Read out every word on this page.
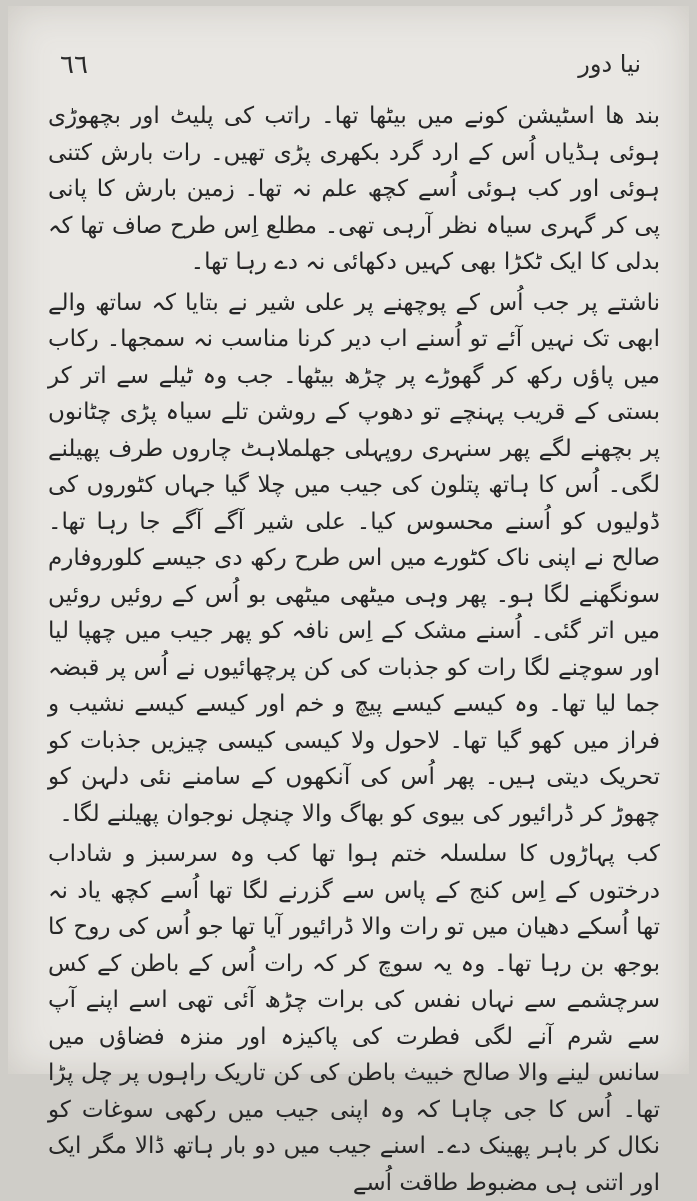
٦٦	نیا دور

بند ھا اسٹیشن کونے میں بیٹھا تھا۔ راتب کی پلیٹ اور بچھوڑی ہوئی ہڈیاں اُس کے ارد گرد بکھری پڑی تھیں۔ رات بارش کتنی ہوئی اور کب ہوئی اُسے کچھ علم نہ تھا۔ زمین بارش کا پانی پی کر گہری سیاہ نظر آرہی تھی۔ مطلع اِس طرح صاف تھا کہ بدلی کا ایک ٹکڑا بھی کہیں دکھائی نہ دے رہا تھا۔

ناشتے پر جب اُس کے پوچھنے پر علی شیر نے بتایا کہ ساتھ والے ابھی تک نہیں آئے تو اُسنے اب دیر کرنا مناسب نہ سمجھا۔ رکاب میں پاؤں رکھ کر گھوڑے پر چڑھ بیٹھا۔ جب وہ ٹیلے سے اتر کر بستی کے قریب پہنچے تو دھوپ کے روشن تلے سیاہ پڑی چٹانوں پر بچھنے لگے پھر سنہری روپہلی جھلملاہٹ چاروں طرف پھیلنے لگی۔ اُس کا ہاتھ پتلون کی جیب میں چلا گیا جہاں کٹوروں کی ڈولیوں کو اُسنے محسوس کیا۔ علی شیر آگے آگے جا رہا تھا۔ صالح نے اپنی ناک کٹورے میں اس طرح رکھ دی جیسے کلوروفارم سونگھنے لگا ہو۔ پھر وہی میٹھی میٹھی بو اُس کے روئیں روئیں میں اتر گئی۔ اُسنے مشک کے اِس نافہ کو پھر جیب میں چھپا لیا اور سوچنے لگا رات کو جذبات کی کن پرچھائیوں نے اُس پر قبضہ جما لیا تھا۔ وہ کیسے کیسے پیچ و خم اور کیسے کیسے نشیب و فراز میں کھو گیا تھا۔ لاحول ولا کیسی کیسی چیزیں جذبات کو تحریک دیتی ہیں۔ پھر اُس کی آنکھوں کے سامنے نئی دلہن کو چھوڑ کر ڈرائیور کی بیوی کو بھاگ والا چنچل نوجوان پھیلنے لگا۔

کب پہاڑوں کا سلسلہ ختم ہوا تھا کب وہ سرسبز و شاداب درختوں کے اِس کنج کے پاس سے گزرنے لگا تھا اُسے کچھ یاد نہ تھا اُسکے دھیان میں تو رات والا ڈرائیور آیا تھا جو اُس کی روح کا بوجھ بن رہا تھا۔ وہ یہ سوچ کر کہ رات اُس کے باطن کے کس سرچشمے سے نہاں نفس کی برات چڑھ آئی تھی اسے اپنے آپ سے شرم آنے لگی فطرت کی پاکیزہ اور منزہ فضاؤں میں سانس لینے والا صالح خبیث باطن کی کن تاریک راہوں پر چل پڑا تھا۔ اُس کا جی چاہا کہ وہ اپنی جیب میں رکھی سوغات کو نکال کر باہر پھینک دے۔ اسنے جیب میں دو بار ہاتھ ڈالا مگر ایک اور اتنی ہی مضبوط طاقت اُسے
